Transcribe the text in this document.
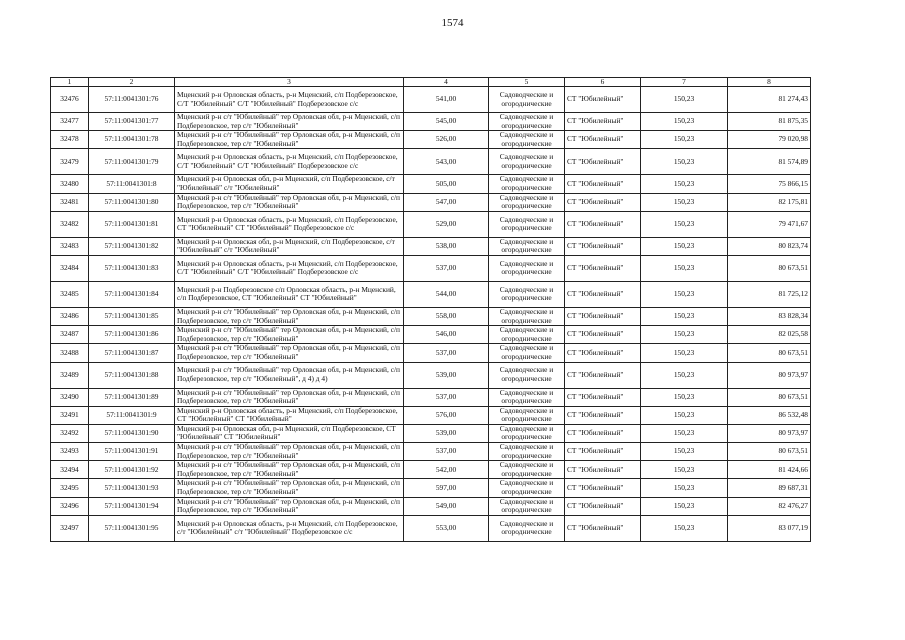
1574
1	2	3	4	5	6	7	8
32476	57:11:0041301:76	Мценский р-н Орловская область, р-н Мценский, с/п Подберезовское, С/Т "Юбилейный" С/Т "Юбилейный" Подберезовское с/с	541,00	Садоводческие и огороднические	СТ "Юбилейный"	150,23	81 274,43
32477	57:11:0041301:77	Мценский р-н с/т "Юбилейный" тер Орловская обл, р-н Мценский, с/п Подберезовское, тер с/т "Юбилейный"	545,00	Садоводческие и огороднические	СТ "Юбилейный"	150,23	81 875,35
32478	57:11:0041301:78	Мценский р-н с/т "Юбилейный" тер Орловская обл, р-н Мценский, с/п Подберезовское, тер с/т "Юбилейный"	526,00	Садоводческие и огороднические	СТ "Юбилейный"	150,23	79 020,98
32479	57:11:0041301:79	Мценский р-н Орловская область, р-н Мценский, с/п Подберезовское, С/Т "Юбилейный" С/Т "Юбилейный" Подберезовское с/с	543,00	Садоводческие и огороднические	СТ "Юбилейный"	150,23	81 574,89
32480	57:11:0041301:8	Мценский р-н Орловская обл, р-н Мценский, с/п Подберезовское, с/т "Юбилейный" с/т "Юбилейный"	505,00	Садоводческие и огороднические	СТ "Юбилейный"	150,23	75 866,15
32481	57:11:0041301:80	Мценский р-н с/т "Юбилейный" тер Орловская обл, р-н Мценский, с/п Подберезовское, тер с/т "Юбилейный"	547,00	Садоводческие и огороднические	СТ "Юбилейный"	150,23	82 175,81
32482	57:11:0041301:81	Мценский р-н Орловская область, р-н Мценский, с/п Подберезовское, СТ "Юбилейный" СТ "Юбилейный" Подберезовское с/с	529,00	Садоводческие и огороднические	СТ "Юбилейный"	150,23	79 471,67
32483	57:11:0041301:82	Мценский р-н Орловская обл, р-н Мценский, с/п Подберезовское, с/т "Юбилейный" с/т "Юбилейный"	538,00	Садоводческие и огороднические	СТ "Юбилейный"	150,23	80 823,74
32484	57:11:0041301:83	Мценский р-н Орловская область, р-н Мценский, с/п Подберезовское, С/Т "Юбилейный" С/Т "Юбилейный" Подберезовское с/с	537,00	Садоводческие и огороднические	СТ "Юбилейный"	150,23	80 673,51
32485	57:11:0041301:84	Мценский р-н Подберезовское с/п Орловская область, р-н Мценский, с/п Подберезовское, СТ "Юбилейный" СТ "Юбилейный"	544,00	Садоводческие и огороднические	СТ "Юбилейный"	150,23	81 725,12
32486	57:11:0041301:85	Мценский р-н с/т "Юбилейный" тер Орловская обл, р-н Мценский, с/п Подберезовское, тер с/т "Юбилейный"	558,00	Садоводческие и огороднические	СТ "Юбилейный"	150,23	83 828,34
32487	57:11:0041301:86	Мценский р-н с/т "Юбилейный" тер Орловская обл, р-н Мценский, с/п Подберезовское, тер с/т "Юбилейный"	546,00	Садоводческие и огороднические	СТ "Юбилейный"	150,23	82 025,58
32488	57:11:0041301:87	Мценский р-н с/т "Юбилейный" тер Орловская обл, р-н Мценский, с/п Подберезовское, тер с/т "Юбилейный"	537,00	Садоводческие и огороднические	СТ "Юбилейный"	150,23	80 673,51
32489	57:11:0041301:88	Мценский р-н с/т "Юбилейный" тер Орловская обл, р-н Мценский, с/п Подберезовское, тер с/т "Юбилейный", д 4) д 4)	539,00	Садоводческие и огороднические	СТ "Юбилейный"	150,23	80 973,97
32490	57:11:0041301:89	Мценский р-н с/т "Юбилейный" тер Орловская обл, р-н Мценский, с/п Подберезовское, тер с/т "Юбилейный"	537,00	Садоводческие и огороднические	СТ "Юбилейный"	150,23	80 673,51
32491	57:11:0041301:9	Мценский р-н Орловская область, р-н Мценский, с/п Подберезовское, СТ "Юбилейный" СТ "Юбилейный"	576,00	Садоводческие и огороднические	СТ "Юбилейный"	150,23	86 532,48
32492	57:11:0041301:90	Мценский р-н Орловская обл, р-н Мценский, с/п Подберезовское, СТ "Юбилейный" СТ "Юбилейный"	539,00	Садоводческие и огороднические	СТ "Юбилейный"	150,23	80 973,97
32493	57:11:0041301:91	Мценский р-н с/т "Юбилейный" тер Орловская обл, р-н Мценский, с/п Подберезовское, тер с/т "Юбилейный"	537,00	Садоводческие и огороднические	СТ "Юбилейный"	150,23	80 673,51
32494	57:11:0041301:92	Мценский р-н с/т "Юбилейный" тер Орловская обл, р-н Мценский, с/п Подберезовское, тер с/т "Юбилейный"	542,00	Садоводческие и огороднические	СТ "Юбилейный"	150,23	81 424,66
32495	57:11:0041301:93	Мценский р-н с/т "Юбилейный" тер Орловская обл, р-н Мценский, с/п Подберезовское, тер с/т "Юбилейный"	597,00	Садоводческие и огороднические	СТ "Юбилейный"	150,23	89 687,31
32496	57:11:0041301:94	Мценский р-н с/т "Юбилейный" тер Орловская обл, р-н Мценский, с/п Подберезовское, тер с/т "Юбилейный"	549,00	Садоводческие и огороднические	СТ "Юбилейный"	150,23	82 476,27
32497	57:11:0041301:95	Мценский р-н Орловская область, р-н Мценский, с/п Подберезовское, с/т "Юбилейный" с/т "Юбилейный" Подберезовское с/с	553,00	Садоводческие и огороднические	СТ "Юбилейный"	150,23	83 077,19
